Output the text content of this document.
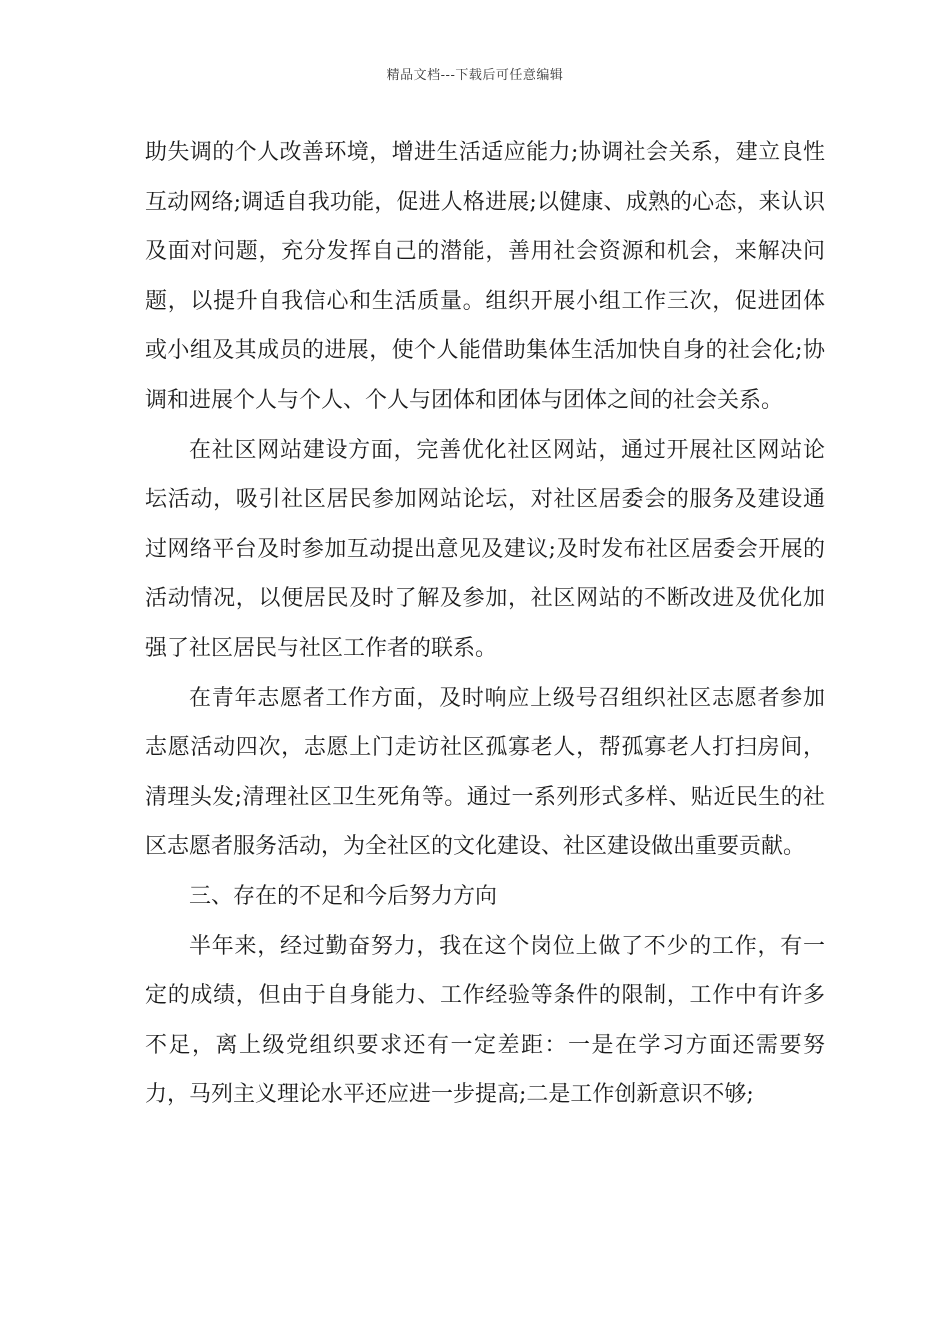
精品文档---下载后可任意编辑

助失调的个人改善环境，增进生活适应能力;协调社会关系，建立良性互动网络;调适自我功能，促进人格进展;以健康、成熟的心态，来认识及面对问题，充分发挥自己的潜能，善用社会资源和机会，来解决问题，以提升自我信心和生活质量。组织开展小组工作三次，促进团体或小组及其成员的进展，使个人能借助集体生活加快自身的社会化;协调和进展个人与个人、个人与团体和团体与团体之间的社会关系。

在社区网站建设方面，完善优化社区网站，通过开展社区网站论坛活动，吸引社区居民参加网站论坛，对社区居委会的服务及建设通过网络平台及时参加互动提出意见及建议;及时发布社区居委会开展的活动情况，以便居民及时了解及参加，社区网站的不断改进及优化加强了社区居民与社区工作者的联系。

在青年志愿者工作方面，及时响应上级号召组织社区志愿者参加志愿活动四次，志愿上门走访社区孤寡老人，帮孤寡老人打扫房间，清理头发;清理社区卫生死角等。通过一系列形式多样、贴近民生的社区志愿者服务活动，为全社区的文化建设、社区建设做出重要贡献。

三、存在的不足和今后努力方向

半年来，经过勤奋努力，我在这个岗位上做了不少的工作，有一定的成绩，但由于自身能力、工作经验等条件的限制，工作中有许多不足，离上级党组织要求还有一定差距：一是在学习方面还需要努力，马列主义理论水平还应进一步提高;二是工作创新意识不够;
